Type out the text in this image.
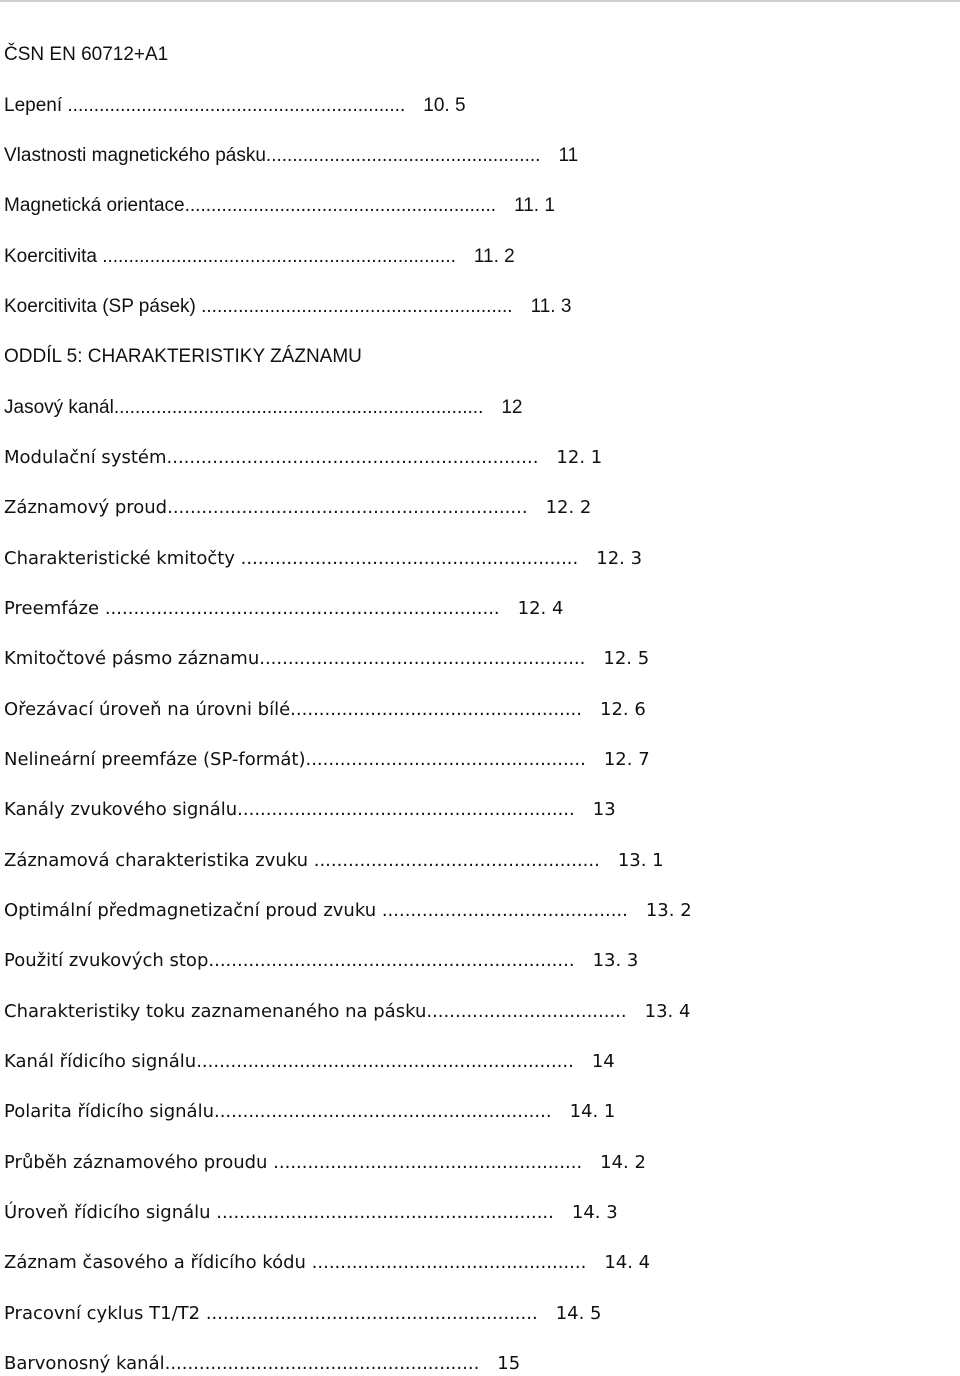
ČSN EN 60712+A1
Lepení ................................................................ 10. 5
Vlastnosti magnetického pásku.................................................... 11
Magnetická orientace........................................................... 11. 1
Koercitivita ................................................................... 11. 2
Koercitivita (SP pásek) ........................................................... 11. 3
ODDÍL 5: CHARAKTERISTIKY ZÁZNAMU
Jasový kanál...................................................................... 12
Modulační systém................................................................. 12. 1
Záznamový proud............................................................... 12. 2
Charakteristické kmitočty ........................................................... 12. 3
Preemfáze ..................................................................... 12. 4
Kmitočtové pásmo záznamu......................................................... 12. 5
Ořezávací úroveň na úrovni bílé................................................... 12. 6
Nelineární preemfáze (SP-formát)................................................. 12. 7
Kanály zvukového signálu........................................................... 13
Záznamová charakteristika zvuku .................................................. 13. 1
Optimální předmagnetizační proud zvuku ........................................... 13. 2
Použití zvukových stop................................................................ 13. 3
Charakteristiky toku zaznamenaného na pásku................................... 13. 4
Kanál řídicího signálu.................................................................. 14
Polarita řídicího signálu........................................................... 14. 1
Průběh záznamového proudu ...................................................... 14. 2
Úroveň řídicího signálu ........................................................... 14. 3
Záznam časového a řídicího kódu ................................................ 14. 4
Pracovní cyklus T1/T2 .......................................................... 14. 5
Barvonosný kanál....................................................... 15
